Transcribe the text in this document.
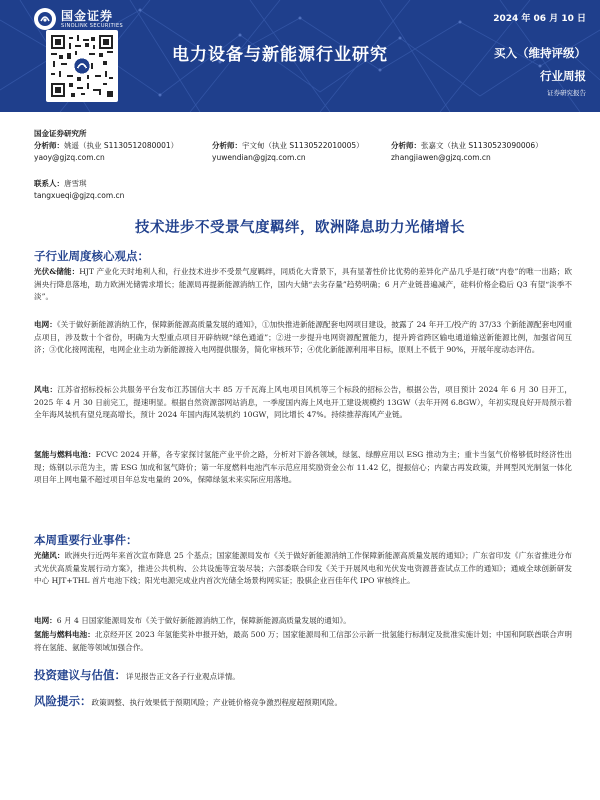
国金证券
SINOLINK SECURITIES
2024 年 06 月 10 日
电力设备与新能源行业研究	买入（维持评级）
行业周报
证券研究报告
国金证券研究所
分析师：姚遥（执业 S1130512080001）
yaoy@gjzq.com.cn
分析师：宇文甸（执业 S1130522010005）
yuwendian@gjzq.com.cn
分析师：张嘉文（执业 S1130523090006）
zhangjiawen@gjzq.com.cn
联系人：唐雪琪
tangxueqi@gjzq.com.cn
技术进步不受景气度羁绊，欧洲降息助力光储增长
子行业周度核心观点：
光伏&储能：HJT 产业化天时地利人和，行业技术进步不受景气度羁绊，同质化大背景下，具有显著性价比优势的差异化产品几乎是打破“内卷”的唯一出路；欧洲央行降息落地，助力欧洲光储需求增长；能源局再提新能源消纳工作，国内大储“去劣存量”趋势明确；6 月产业链普遍减产，硅料价格企稳后 Q3 有望“淡季不淡”。
电网：《关于做好新能源消纳工作，保障新能源高质量发展的通知》，①加快推进新能源配套电网项目建设，披露了 24 年开工/投产的 37/33 个新能源配套电网重点项目，涉及数十个省份，明确为大型重点项目开辟纳规“绿色通道”；②进一步提升电网资源配置能力，提升跨省跨区输电通道输送新能源比例，加强省间互济；③优化接网流程，电网企业主动为新能源接入电网提供服务，简化审核环节；④优化新能源利用率目标，原则上不低于 90%，开展年度动态评估。
风电：江苏省招标投标公共服务平台发布江苏国信大丰 85 万千瓦海上风电项目风机等三个标段的招标公告，根据公告，项目预计 2024 年 6 月 30 日开工，2025 年 4 月 30 日前完工，提速明显。根据自然资源部网站消息，一季度国内海上风电开工建设规模约 13GW（去年开网 6.8GW），年初实现良好开局预示着全年海风装机有望兑现高增长，预计 2024 年国内海风装机约 10GW，同比增长 47%。持续推荐海风产业链。
氢能与燃料电池：FCVC 2024 开幕，各专家探讨氢能产业平价之路，分析对下游各领域，绿氢、绿醇应用以 ESG 推动为主；重卡当氢气价格够低时经济性出现；炼钢以示范为主，需 ESG 加成和氢气降价；第一年度燃料电池汽车示范应用奖励资金公布 11.42 亿，提振信心；内蒙古再发政策，并网型风光制氢一体化项目年上网电量不超过项目年总发电量的 20%，保障绿氢未来实际应用落地。
本周重要行业事件：
光储风：欧洲央行近两年来首次宣布降息 25 个基点；国家能源局发布《关于做好新能源消纳工作保障新能源高质量发展的通知》；广东省印发《广东省推进分布式光伏高质量发展行动方案》，推进公共机构、公共设施等宜装尽装；六部委联合印发《关于开展风电和光伏发电资源普查试点工作的通知》；通威全球创新研发中心 HJT+THL 首片电池下线；阳光电源完成业内首次光储全场景构网实证；股骐企业百佳年代 IPO 审核终止。
电网：6 月 4 日国家能源局发布《关于做好新能源消纳工作，保障新能源高质量发展的通知》。
氢能与燃料电池：北京经开区 2023 年氢能奖补申报开始，最高 500 万；国家能源局和工信部公示新一批氢能行标制定及批准实施计划；中国和阿联酋联合声明将在氢能、氨能等领域加强合作。
投资建议与估值：详见报告正文各子行业观点详情。
风险提示：政策调整、执行效果低于预期风险；产业链价格竞争激烈程度超预期风险。
